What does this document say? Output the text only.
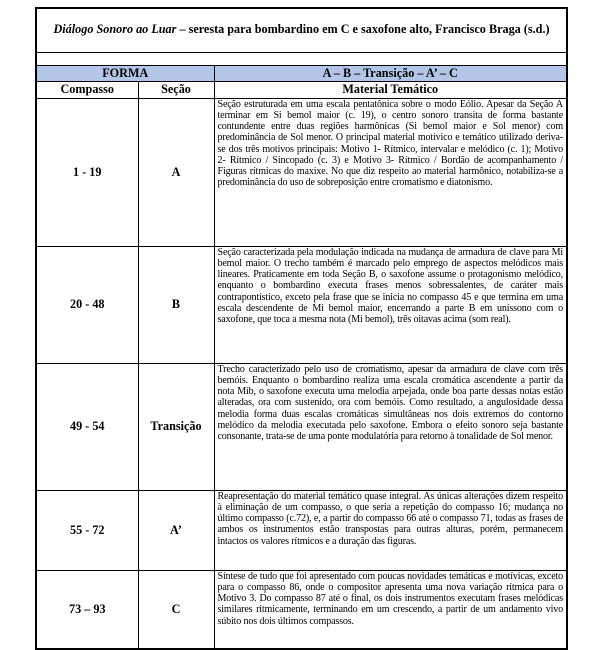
Diálogo Sonoro ao Luar – seresta para bombardino em C e saxofone alto, Francisco Braga (s.d.)		

FORMA		A – B – Transição – A’ – C
Compasso	Seção	Material Temático
1 - 19	A	Seção estruturada em uma escala pentatônica sobre o modo Eólio. Apesar da Seção A terminar em Si bemol maior (c. 19), o centro sonoro transita de forma bastante contundente entre duas regiões harmônicas (Si bemol maior e Sol menor) com predominância de Sol menor. O principal material motívico e temático utilizado deriva-se dos três motivos principais: Motivo 1- Rítmico, intervalar e melódico (c. 1); Motivo 2- Rítmico / Sincopado (c. 3) e Motivo 3- Rítmico / Bordão de acompanhamento / Figuras rítmicas do maxixe. No que diz respeito ao material harmônico, notabiliza-se a predominância do uso de sobreposição entre cromatismo e diatonismo.
20 - 48	B	Seção caracterizada pela modulação indicada na mudança de armadura de clave para Mi bemol maior. O trecho também é marcado pelo emprego de aspectos melódicos mais lineares. Praticamente em toda Seção B, o saxofone assume o protagonismo melódico, enquanto o bombardino executa frases menos sobressalentes, de caráter mais contrapontístico, exceto pela frase que se inicia no compasso 45 e que termina em uma escala descendente de Mi bemol maior, encerrando a parte B em uníssono com o saxofone, que toca a mesma nota (Mi bemol), três oitavas acima (som real).
49 - 54	Transição	Trecho caracterizado pelo uso de cromatismo, apesar da armadura de clave com três bemóis. Enquanto o bombardino realiza uma escala cromática ascendente a partir da nota Mib, o saxofone executa uma melodia arpejada, onde boa parte dessas notas estão alteradas, ora com sustenido, ora com bemóis. Como resultado, a angulosidade dessa melodia forma duas escalas cromáticas simultâneas nos dois extremos do contorno melódico da melodia executada pelo saxofone. Embora o efeito sonoro seja bastante consonante, trata-se de uma ponte modulatória para retorno à tonalidade de Sol menor.
55 - 72	A’	Reapresentação do material temático quase integral. As únicas alterações dizem respeito à eliminação de um compasso, o que seria a repetição do compasso 16; mudança no último compasso (c.72), e, a partir do compasso 66 até o compasso 71, todas as frases de ambos os instrumentos estão transpostas para outras alturas, porém, permanecem intactos os valores rítmicos e a duração das figuras.
73 – 93	C	Síntese de tudo que foi apresentado com poucas novidades temáticas e motívicas, exceto para o compasso 86, onde o compositor apresenta uma nova variação rítmica para o Motivo 3. Do compasso 87 até o final, os dois instrumentos executam frases melódicas similares ritmicamente, terminando em um crescendo, a partir de um andamento vivo súbito nos dois últimos compassos.
